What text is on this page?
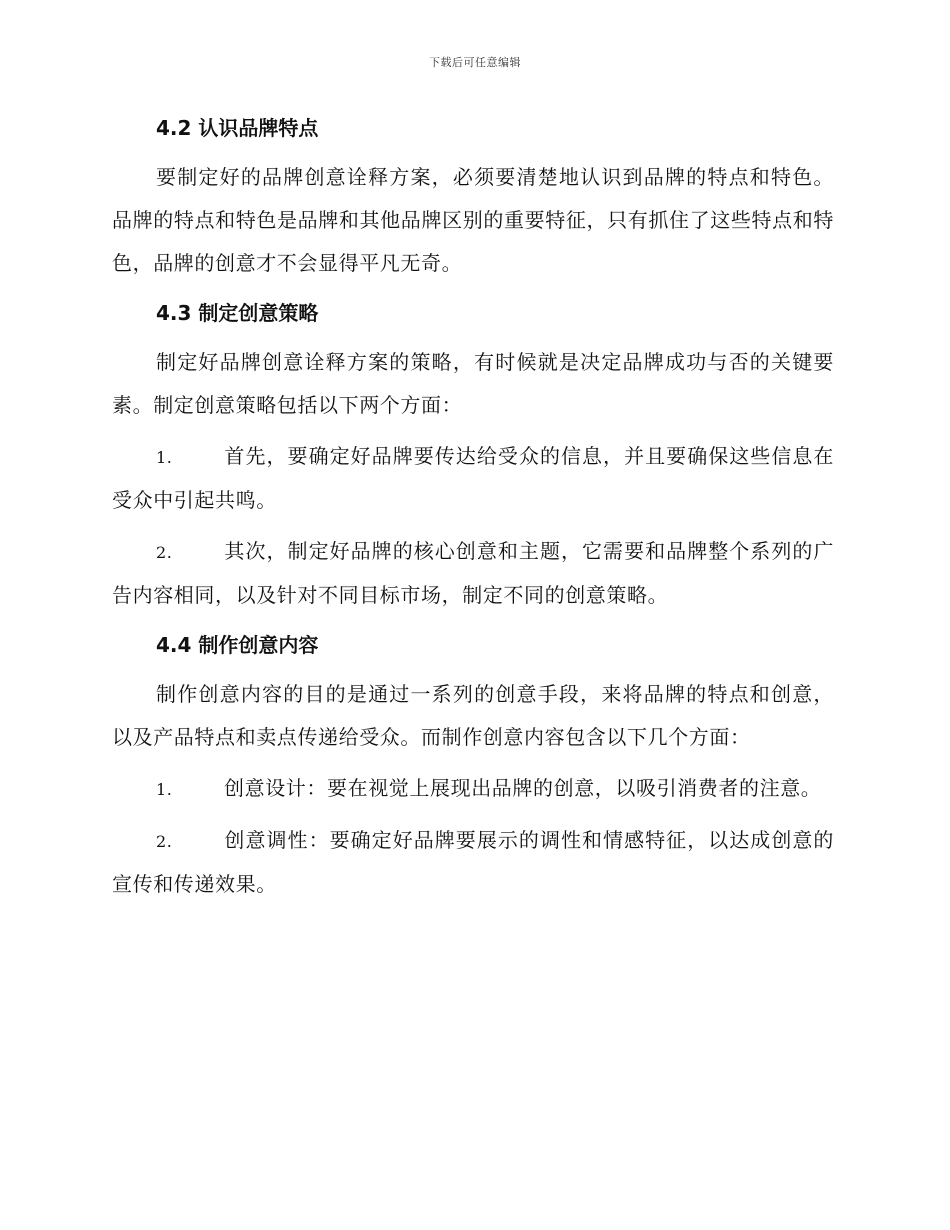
下载后可任意编辑
4.2 认识品牌特点

要制定好的品牌创意诠释方案，必须要清楚地认识到品牌的特点和特色。品牌的特点和特色是品牌和其他品牌区别的重要特征，只有抓住了这些特点和特色，品牌的创意才不会显得平凡无奇。

4.3 制定创意策略

制定好品牌创意诠释方案的策略，有时候就是决定品牌成功与否的关键要素。制定创意策略包括以下两个方面：

1.	首先，要确定好品牌要传达给受众的信息，并且要确保这些信息在受众中引起共鸣。

2.	其次，制定好品牌的核心创意和主题，它需要和品牌整个系列的广告内容相同，以及针对不同目标市场，制定不同的创意策略。

4.4 制作创意内容

制作创意内容的目的是通过一系列的创意手段，来将品牌的特点和创意，以及产品特点和卖点传递给受众。而制作创意内容包含以下几个方面：

1.	创意设计：要在视觉上展现出品牌的创意，以吸引消费者的注意。

2.	创意调性：要确定好品牌要展示的调性和情感特征，以达成创意的宣传和传递效果。
